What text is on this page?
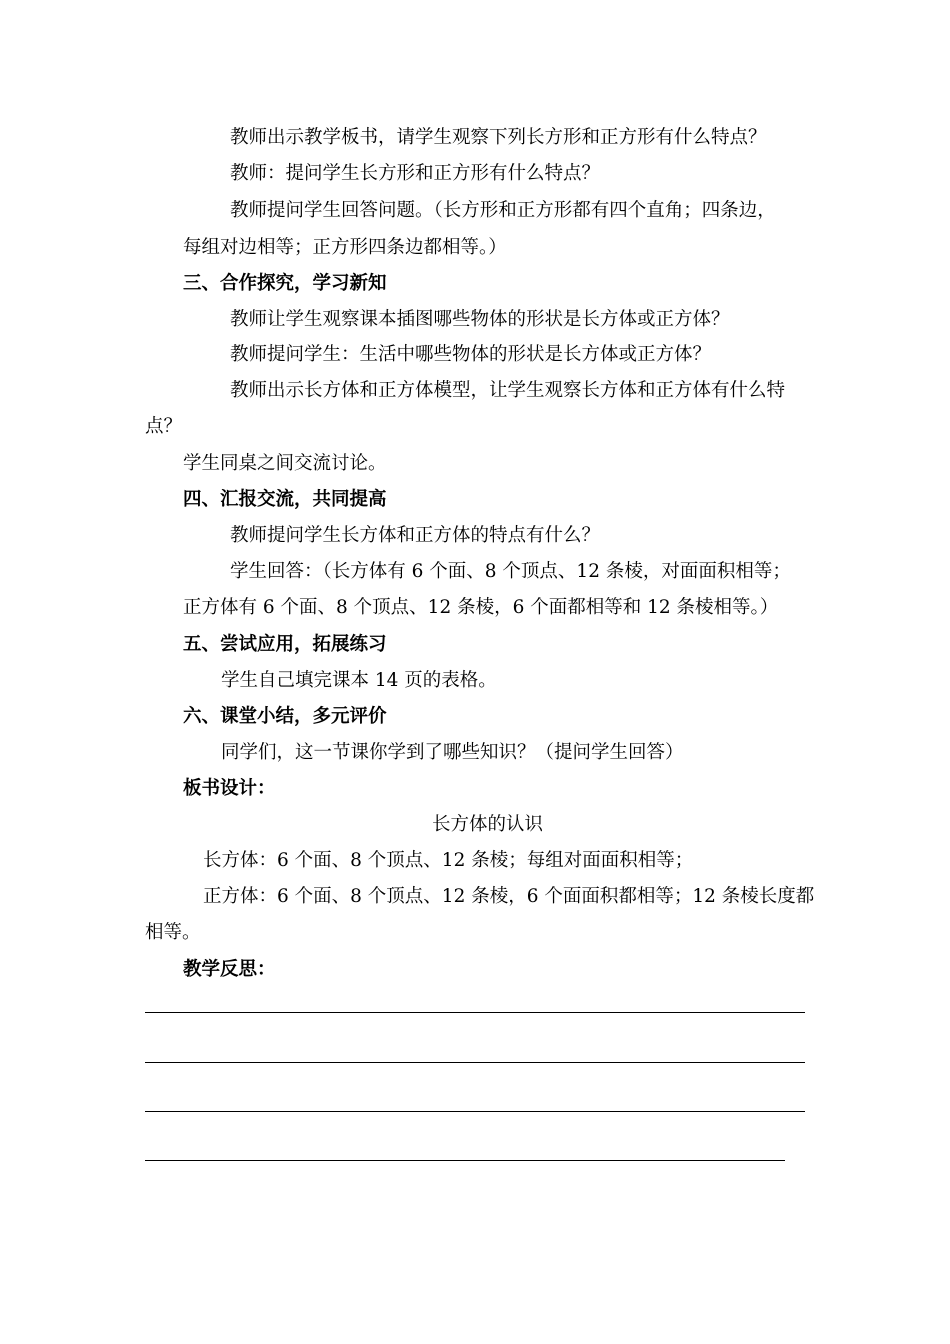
教师出示教学板书，请学生观察下列长方形和正方形有什么特点？
教师：提问学生长方形和正方形有什么特点？
教师提问学生回答问题。（长方形和正方形都有四个直角；四条边，
每组对边相等；正方形四条边都相等。）
三、合作探究，学习新知
教师让学生观察课本插图哪些物体的形状是长方体或正方体？
教师提问学生：生活中哪些物体的形状是长方体或正方体？
教师出示长方体和正方体模型，让学生观察长方体和正方体有什么特
点？
学生同桌之间交流讨论。
四、汇报交流，共同提高
教师提问学生长方体和正方体的特点有什么？
学生回答：（长方体有 6 个面、8 个顶点、12 条棱，对面面积相等；
正方体有 6 个面、8 个顶点、12 条棱，6 个面都相等和 12 条棱相等。）
五、尝试应用，拓展练习
学生自己填完课本 14 页的表格。
六、课堂小结，多元评价
同学们，这一节课你学到了哪些知识？（提问学生回答）
板书设计：
长方体的认识
长方体：6 个面、8 个顶点、12 条棱；每组对面面积相等；
正方体：6 个面、8 个顶点、12 条棱，6 个面面积都相等；12 条棱长度都
相等。
教学反思：
